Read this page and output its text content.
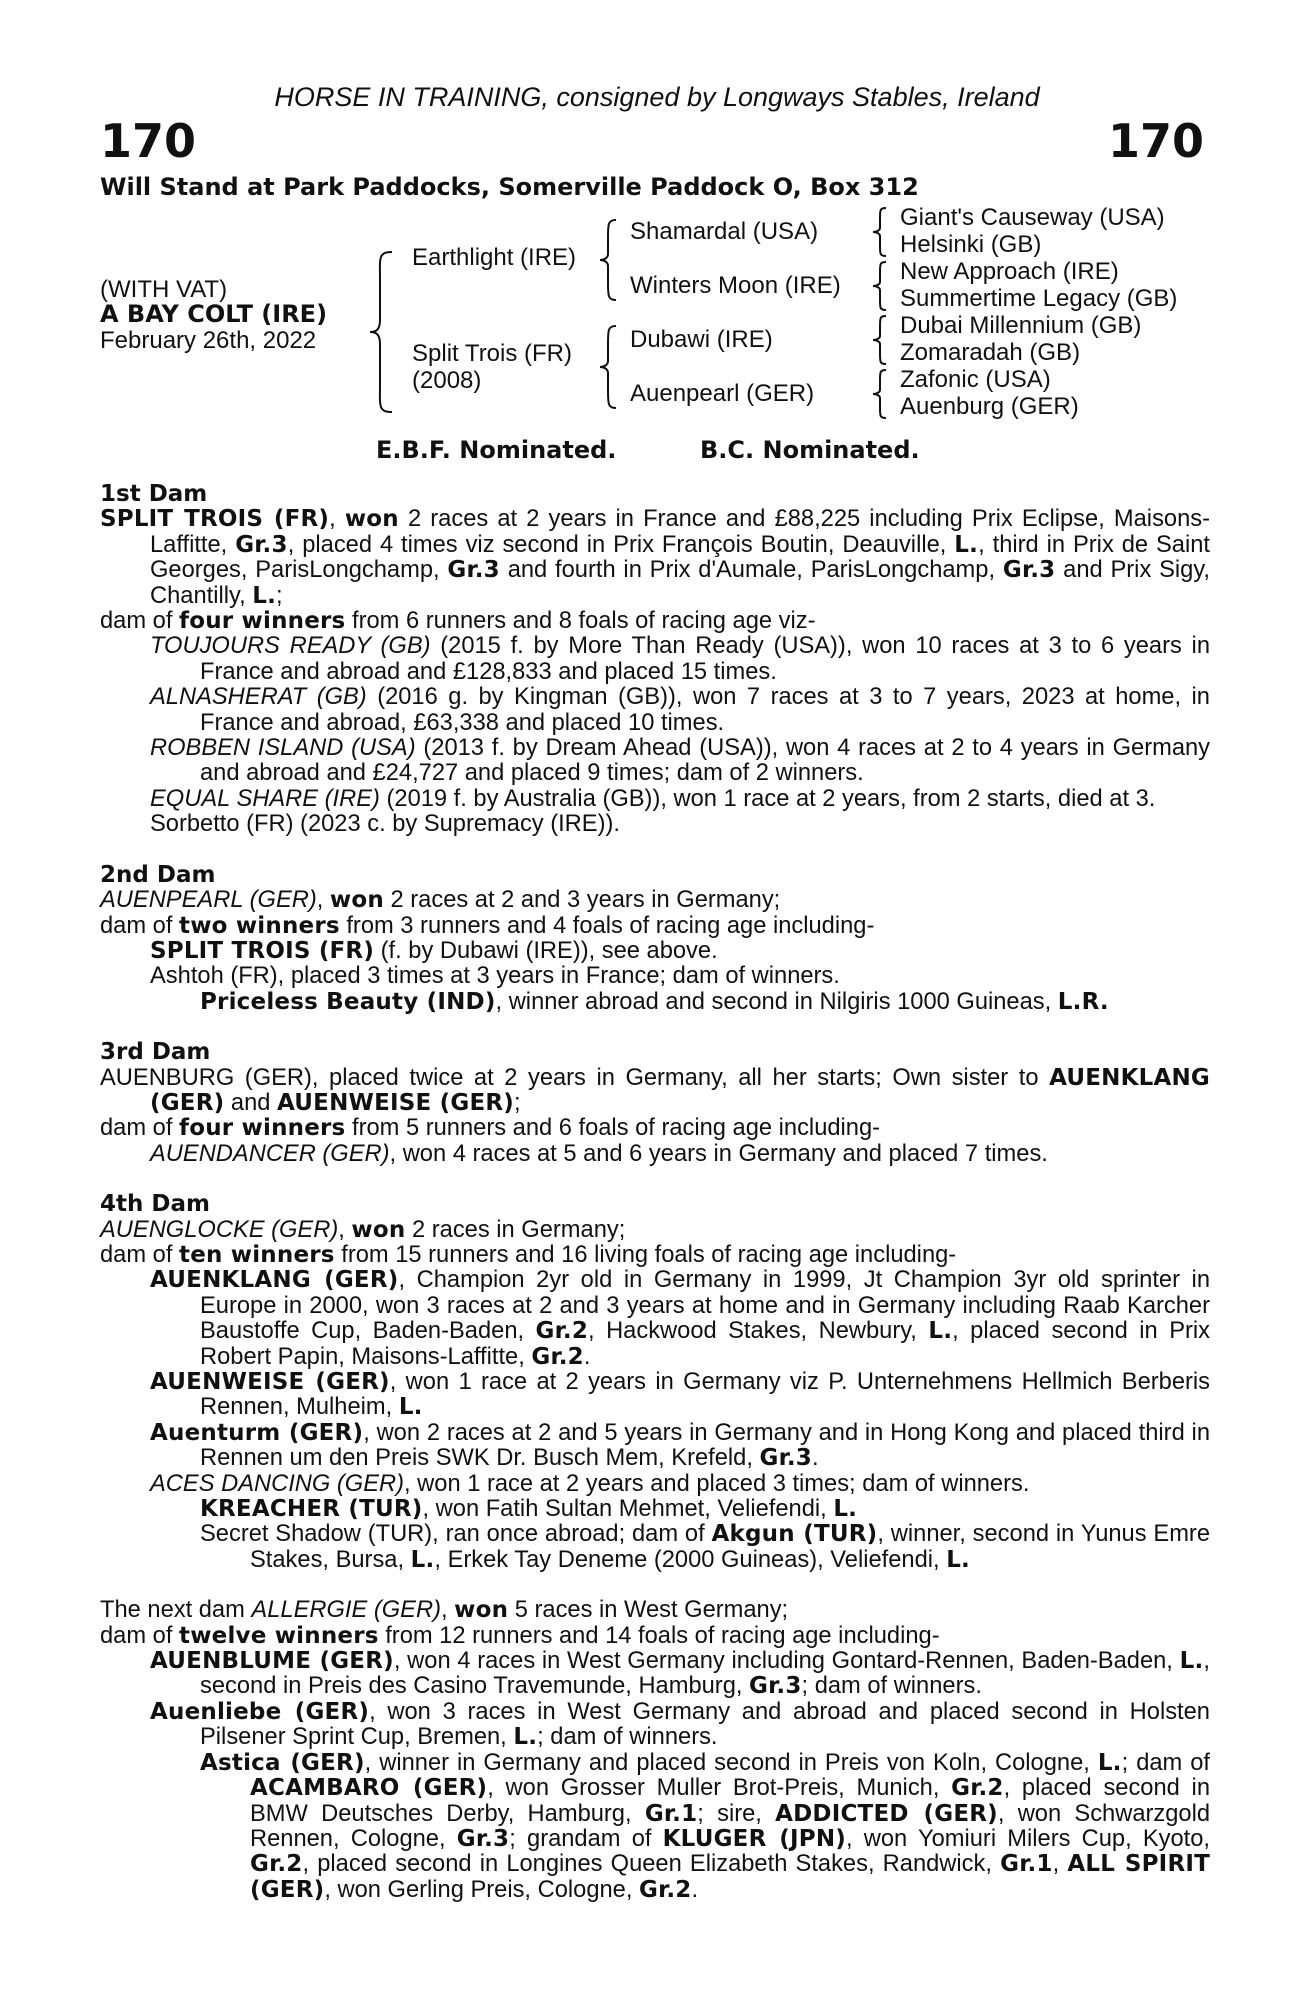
HORSE IN TRAINING, consigned by Longways Stables, Ireland
170	170
Will Stand at Park Paddocks, Somerville Paddock O, Box 312
(WITH VAT)
A BAY COLT (IRE)
February 26th, 2022
Earthlight (IRE)
Split Trois (FR)
(2008)
Shamardal (USA)
Winters Moon (IRE)
Dubawi (IRE)
Auenpearl (GER)
Giant's Causeway (USA)
Helsinki (GB)
New Approach (IRE)
Summertime Legacy (GB)
Dubai Millennium (GB)
Zomaradah (GB)
Zafonic (USA)
Auenburg (GER)
E.B.F. Nominated.	B.C. Nominated.

1st Dam

SPLIT TROIS (FR), won 2 races at 2 years in France and £88,225 including Prix Eclipse, Maisons-Laffitte, Gr.3, placed 4 times viz second in Prix François Boutin, Deauville, L., third in Prix de Saint Georges, ParisLongchamp, Gr.3 and fourth in Prix d'Aumale, ParisLongchamp, Gr.3 and Prix Sigy, Chantilly, L.;

dam of four winners from 6 runners and 8 foals of racing age viz-

TOUJOURS READY (GB) (2015 f. by More Than Ready (USA)), won 10 races at 3 to 6 years in France and abroad and £128,833 and placed 15 times.

ALNASHERAT (GB) (2016 g. by Kingman (GB)), won 7 races at 3 to 7 years, 2023 at home, in France and abroad, £63,338 and placed 10 times.

ROBBEN ISLAND (USA) (2013 f. by Dream Ahead (USA)), won 4 races at 2 to 4 years in Germany and abroad and £24,727 and placed 9 times; dam of 2 winners.

EQUAL SHARE (IRE) (2019 f. by Australia (GB)), won 1 race at 2 years, from 2 starts, died at 3.

Sorbetto (FR) (2023 c. by Supremacy (IRE)).

2nd Dam

AUENPEARL (GER), won 2 races at 2 and 3 years in Germany;

dam of two winners from 3 runners and 4 foals of racing age including-

SPLIT TROIS (FR) (f. by Dubawi (IRE)), see above.

Ashtoh (FR), placed 3 times at 3 years in France; dam of winners.

Priceless Beauty (IND), winner abroad and second in Nilgiris 1000 Guineas, L.R.

3rd Dam

AUENBURG (GER), placed twice at 2 years in Germany, all her starts; Own sister to AUENKLANG (GER) and AUENWEISE (GER);

dam of four winners from 5 runners and 6 foals of racing age including-

AUENDANCER (GER), won 4 races at 5 and 6 years in Germany and placed 7 times.

4th Dam

AUENGLOCKE (GER), won 2 races in Germany;

dam of ten winners from 15 runners and 16 living foals of racing age including-

AUENKLANG (GER), Champion 2yr old in Germany in 1999, Jt Champion 3yr old sprinter in Europe in 2000, won 3 races at 2 and 3 years at home and in Germany including Raab Karcher Baustoffe Cup, Baden-Baden, Gr.2, Hackwood Stakes, Newbury, L., placed second in Prix Robert Papin, Maisons-Laffitte, Gr.2.

AUENWEISE (GER), won 1 race at 2 years in Germany viz P. Unternehmens Hellmich Berberis Rennen, Mulheim, L.

Auenturm (GER), won 2 races at 2 and 5 years in Germany and in Hong Kong and placed third in Rennen um den Preis SWK Dr. Busch Mem, Krefeld, Gr.3.

ACES DANCING (GER), won 1 race at 2 years and placed 3 times; dam of winners.

KREACHER (TUR), won Fatih Sultan Mehmet, Veliefendi, L.

Secret Shadow (TUR), ran once abroad; dam of Akgun (TUR), winner, second in Yunus Emre Stakes, Bursa, L., Erkek Tay Deneme (2000 Guineas), Veliefendi, L.

The next dam ALLERGIE (GER), won 5 races in West Germany;

dam of twelve winners from 12 runners and 14 foals of racing age including-

AUENBLUME (GER), won 4 races in West Germany including Gontard-Rennen, Baden-Baden, L., second in Preis des Casino Travemunde, Hamburg, Gr.3; dam of winners.

Auenliebe (GER), won 3 races in West Germany and abroad and placed second in Holsten Pilsener Sprint Cup, Bremen, L.; dam of winners.

Astica (GER), winner in Germany and placed second in Preis von Koln, Cologne, L.; dam of ACAMBARO (GER), won Grosser Muller Brot-Preis, Munich, Gr.2, placed second in BMW Deutsches Derby, Hamburg, Gr.1; sire, ADDICTED (GER), won Schwarzgold Rennen, Cologne, Gr.3; grandam of KLUGER (JPN), won Yomiuri Milers Cup, Kyoto, Gr.2, placed second in Longines Queen Elizabeth Stakes, Randwick, Gr.1, ALL SPIRIT (GER), won Gerling Preis, Cologne, Gr.2.
